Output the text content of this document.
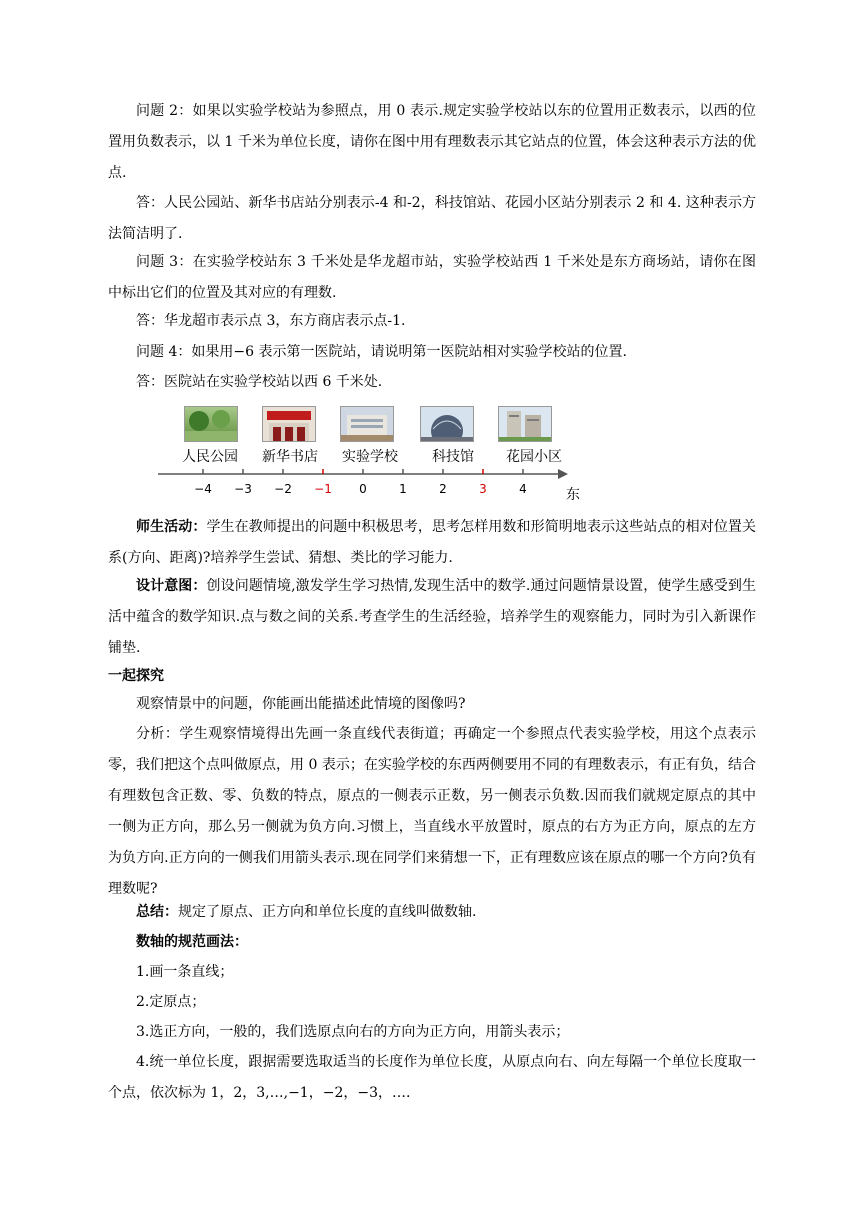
问题 2：如果以实验学校站为参照点，用 0 表示.规定实验学校站以东的位置用正数表示，以西的位置用负数表示，以 1 千米为单位长度，请你在图中用有理数表示其它站点的位置，体会这种表示方法的优点.

答：人民公园站、新华书店站分别表示-4 和-2，科技馆站、花园小区站分别表示 2 和 4. 这种表示方法简洁明了.

问题 3：在实验学校站东 3 千米处是华龙超市站，实验学校站西 1 千米处是东方商场站，请你在图中标出它们的位置及其对应的有理数.

答：华龙超市表示点 3，东方商店表示点-1.

问题 4：如果用−6 表示第一医院站，请说明第一医院站相对实验学校站的位置.

答：医院站在实验学校站以西 6 千米处.

人民公园 新华书店 实验学校 科技馆 花园小区
−4	−3	−2	−1	0	1	2	3	4	东

师生活动：学生在教师提出的问题中积极思考，思考怎样用数和形简明地表示这些站点的相对位置关系(方向、距离)?培养学生尝试、猜想、类比的学习能力.

设计意图：创设问题情境,激发学生学习热情,发现生活中的数学.通过问题情景设置，使学生感受到生活中蕴含的数学知识.点与数之间的关系.考查学生的生活经验，培养学生的观察能力，同时为引入新课作铺垫.

一起探究

观察情景中的问题，你能画出能描述此情境的图像吗?

分析：学生观察情境得出先画一条直线代表街道；再确定一个参照点代表实验学校，用这个点表示零，我们把这个点叫做原点，用 0 表示；在实验学校的东西两侧要用不同的有理数表示，有正有负，结合有理数包含正数、零、负数的特点，原点的一侧表示正数，另一侧表示负数.因而我们就规定原点的其中一侧为正方向，那么另一侧就为负方向.习惯上，当直线水平放置时，原点的右方为正方向，原点的左方为负方向.正方向的一侧我们用箭头表示.现在同学们来猜想一下，正有理数应该在原点的哪一个方向?负有理数呢?

总结：规定了原点、正方向和单位长度的直线叫做数轴.

数轴的规范画法：

1.画一条直线；

2.定原点；

3.选正方向，一般的，我们选原点向右的方向为正方向，用箭头表示；

4.统一单位长度，跟据需要选取适当的长度作为单位长度，从原点向右、向左每隔一个单位长度取一个点，依次标为 1，2，3,…,−1，−2，−3，….
